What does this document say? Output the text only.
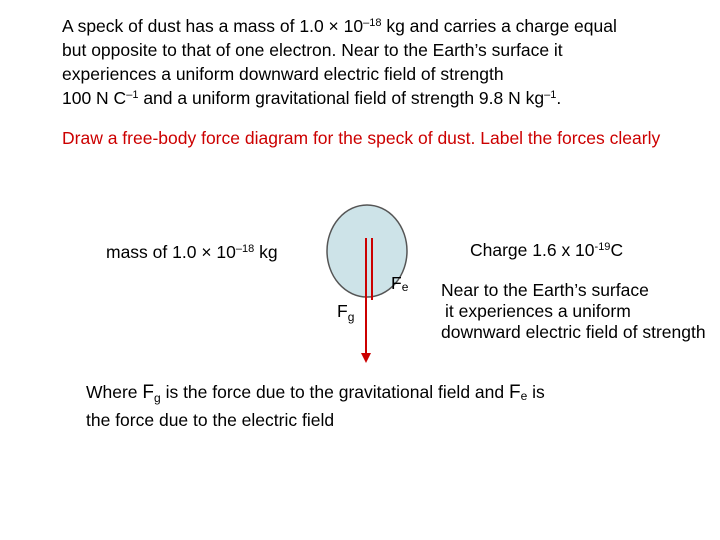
A speck of dust has a mass of $1.0 \times 10^{-18}$ kg and carries a charge equal
but opposite to that of one electron. Near to the Earth’s surface it
experiences a uniform downward electric field of strength
100 N $C^{-1}$ and a uniform gravitational field of strength 9.8 N $kg^{-1}$.

Draw a free-body force diagram for the speck of dust. Label the forces clearly

mass of $1.0 \times 10^{-18}$ kg	Charge 1.6 x $10^{-19}C$
Fe
$F_g$
Near to the Earth’s surface
it experiences a uniform
downward electric field of strength

Where $F_g$ is the force due to the gravitational field and Fe is the force due to the electric field
